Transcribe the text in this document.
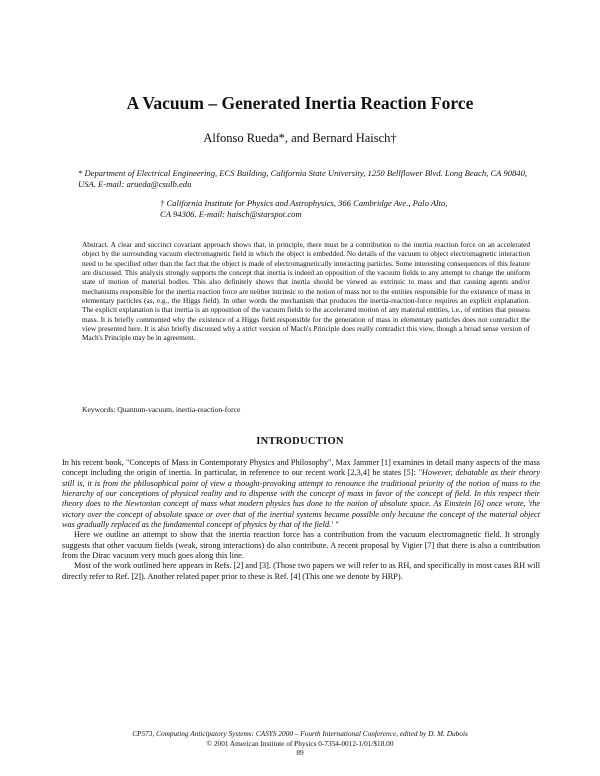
A Vacuum – Generated Inertia Reaction Force
Alfonso Rueda*, and Bernard Haisch†
* Department of Electrical Engineering, ECS Building, California State University, 1250 Bellflower Blvd. Long Beach, CA 90840, USA. E-mail: arueda@csulb.edu
† California Institute for Physics and Astrophysics, 366 Cambridge Ave., Palo Alto, CA 94306. E-mail: haisch@starspot.com
Abstract. A clear and succinct covariant approach shows that, in principle, there must be a contribution to the inertia reaction force on an accelerated object by the surrounding vacuum electromagnetic field in which the object is embedded. No details of the vacuum to object electromagnetic interaction need to be specified other than the fact that the object is made of electromagnetically interacting particles. Some interesting consequences of this feature are discussed. This analysis strongly supports the concept that inertia is indeed an opposition of the vacuum fields to any attempt to change the uniform state of motion of material bodies. This also definitely shows that inertia should be viewed as extrinsic to mass and that causing agents and/or mechanisms responsible for the inertia reaction force are neither intrinsic to the notion of mass nor to the entities responsible for the existence of mass in elementary particles (as, e.g., the Higgs field). In other words the mechanism that produces the inertia-reaction-force requires an explicit explanation. The explicit explanation is that inertia is an opposition of the vacuum fields to the accelerated motion of any material entities, i.e., of entities that possess mass. It is briefly commented why the existence of a Higgs field responsible for the generation of mass in elementary particles does not contradict the view presented here. It is also briefly discussed why a strict version of Mach's Principle does really contradict this view, though a broad sense version of Mach's Principle may be in agreement.
Keywords: Quantum-vacuum, inertia-reaction-force
INTRODUCTION

In his recent book, "Concepts of Mass in Contemporary Physics and Philosophy", Max Jammer [1] examines in detail many aspects of the mass concept including the origin of inertia. In particular, in reference to our recent work [2,3,4] he states [5]: "However, debatable as their theory still is, it is from the philosophical point of view a thought-provoking attempt to renounce the traditional priority of the notion of mass to the hierarchy of our conceptions of physical reality and to dispense with the concept of mass in favor of the concept of field. In this respect their theory does to the Newtonian concept of mass what modern physics has done to the notion of absolute space. As Einstein [6] once wrote, 'the victory over the concept of absolute space or over that of the inertial systems became possible only because the concept of the material object was gradually replaced as the fundamental concept of physics by that of the field.' "

Here we outline an attempt to show that the inertia reaction force has a contribution from the vacuum electromagnetic field. It strongly suggests that other vacuum fields (weak, strong interactions) do also contribute. A recent proposal by Vigier [7] that there is also a contribution from the Dirac vacuum very much goes along this line.

Most of the work outlined here appears in Refs. [2] and [3]. (Those two papers we will refer to as RH, and specifically in most cases RH will directly refer to Ref. [2]). Another related paper prior to these is Ref. [4] (This one we denote by HRP).

CP573, Computing Anticipatory Systems: CASYS 2000 – Fourth International Conference, edited by D. M. Dubois
© 2001 American Institute of Physics 0-7354-0012-1/01/$18.00
89
